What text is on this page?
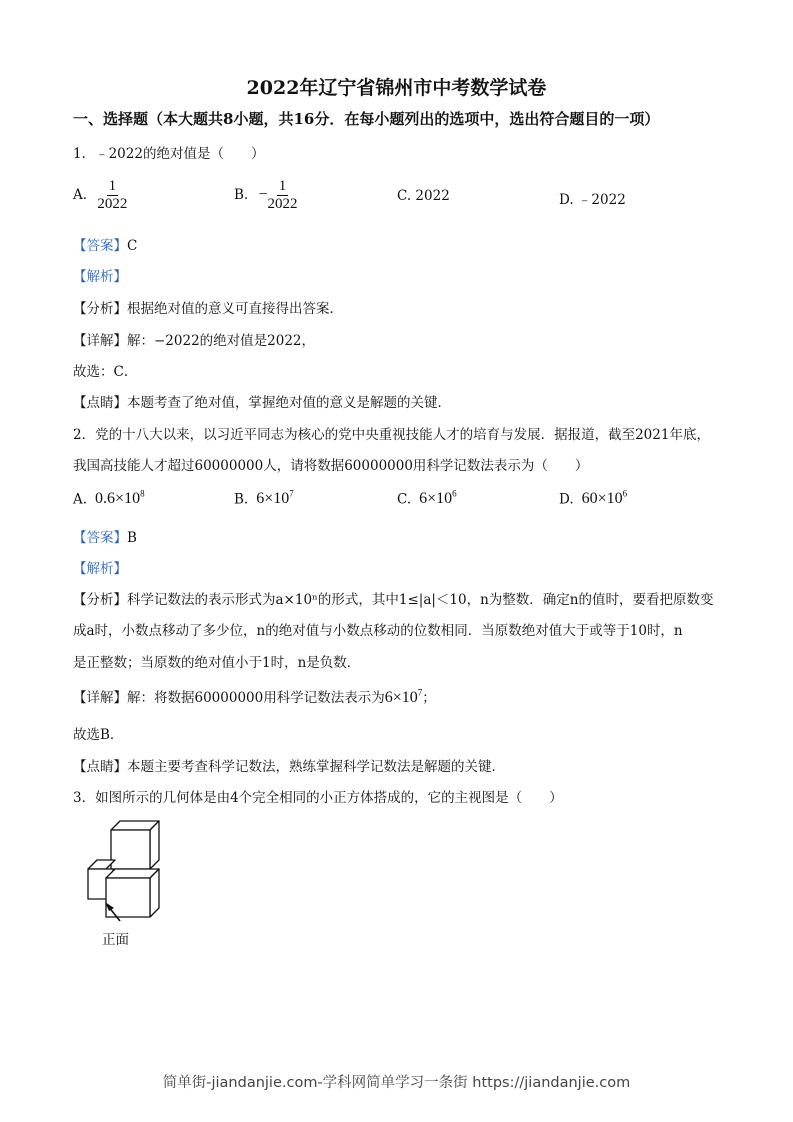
2022年辽宁省锦州市中考数学试卷
一、选择题（本大题共8小题，共16分．在每小题列出的选项中，选出符合题目的一项）
1．﹣2022的绝对值是（　　）
A. $\frac{1}{2022}$	B. − $\frac{1}{2022}$	C. 2022	D. ﹣2022
【答案】C
【解析】
【分析】根据绝对值的意义可直接得出答案．
【详解】解：−2022的绝对值是2022，
故选：C．
【点睛】本题考查了绝对值，掌握绝对值的意义是解题的关键．
2．党的十八大以来，以习近平同志为核心的党中央重视技能人才的培育与发展．据报道，截至2021年底，
我国高技能人才超过60000000人，请将数据60000000用科学记数法表示为（　　）
A. $0.6\times 10^8$	B. $6\times 10^7$	C. $6\times 10^6$	D. $60\times 10^6$
【答案】B
【解析】
【分析】科学记数法的表示形式为a×10ⁿ的形式，其中1≤|a|＜10，n为整数．确定n的值时，要看把原数变
成a时，小数点移动了多少位，n的绝对值与小数点移动的位数相同．当原数绝对值大于或等于10时，n
是正整数；当原数的绝对值小于1时，n是负数．
【详解】解：将数据60000000用科学记数法表示为$6\times 10^7$；
故选B．
【点睛】本题主要考查科学记数法，熟练掌握科学记数法是解题的关键．
3．如图所示的几何体是由4个完全相同的小正方体搭成的，它的主视图是（　　）
正面
简单街-jiandanjie.com-学科网简单学习一条街 https://jiandanjie.com
